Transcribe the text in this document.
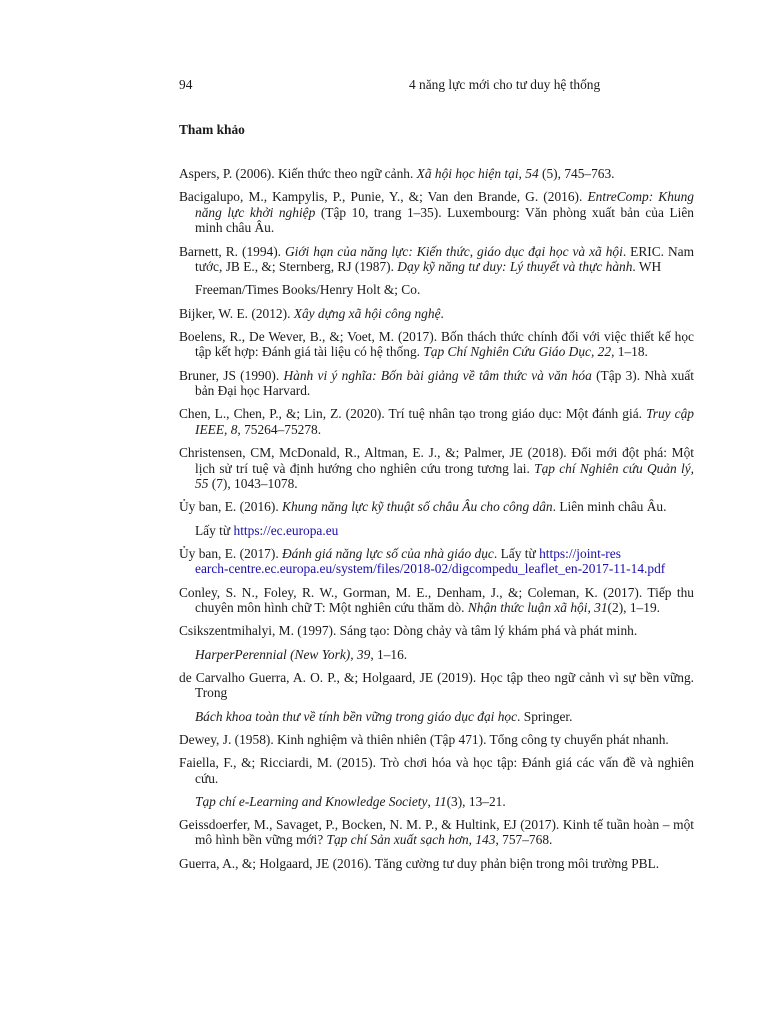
94	4 năng lực mới cho tư duy hệ thống
Tham khảo

Aspers, P. (2006). Kiến thức theo ngữ cảnh. Xã hội học hiện tại, 54 (5), 745–763.

Bacigalupo, M., Kampylis, P., Punie, Y., &; Van den Brande, G. (2016). EntreComp: Khung năng lực khởi nghiệp (Tập 10, trang 1–35). Luxembourg: Văn phòng xuất bản của Liên minh châu Âu.

Barnett, R. (1994). Giới hạn của năng lực: Kiến thức, giáo dục đại học và xã hội. ERIC. Nam tước, JB E., &; Sternberg, RJ (1987). Dạy kỹ năng tư duy: Lý thuyết và thực hành. WH

Freeman/Times Books/Henry Holt &; Co.

Bijker, W. E. (2012). Xây dựng xã hội công nghệ.

Boelens, R., De Wever, B., &; Voet, M. (2017). Bốn thách thức chính đối với việc thiết kế học tập kết hợp: Đánh giá tài liệu có hệ thống. Tạp Chí Nghiên Cứu Giáo Dục, 22, 1–18.

Bruner, JS (1990). Hành vi ý nghĩa: Bốn bài giảng về tâm thức và văn hóa (Tập 3). Nhà xuất bản Đại học Harvard.

Chen, L., Chen, P., &; Lin, Z. (2020). Trí tuệ nhân tạo trong giáo dục: Một đánh giá. Truy cập IEEE, 8, 75264–75278.

Christensen, CM, McDonald, R., Altman, E. J., &; Palmer, JE (2018). Đổi mới đột phá: Một lịch sử trí tuệ và định hướng cho nghiên cứu trong tương lai. Tạp chí Nghiên cứu Quản lý, 55 (7), 1043–1078.

Ủy ban, E. (2016). Khung năng lực kỹ thuật số châu Âu cho công dân. Liên minh châu Âu.

Lấy từ https://ec.europa.eu

Ủy ban, E. (2017). Đánh giá năng lực số của nhà giáo dục. Lấy từ https://joint-res
earch-centre.ec.europa.eu/system/files/2018-02/digcompedu_leaflet_en-2017-11-14.pdf

Conley, S. N., Foley, R. W., Gorman, M. E., Denham, J., &; Coleman, K. (2017). Tiếp thu chuyên môn hình chữ T: Một nghiên cứu thăm dò. Nhận thức luận xã hội, 31(2), 1–19.

Csikszentmihalyi, M. (1997). Sáng tạo: Dòng chảy và tâm lý khám phá và phát minh.

HarperPerennial (New York), 39, 1–16.

de Carvalho Guerra, A. O. P., &; Holgaard, JE (2019). Học tập theo ngữ cảnh vì sự bền vững. Trong

Bách khoa toàn thư về tính bền vững trong giáo dục đại học. Springer.

Dewey, J. (1958). Kinh nghiệm và thiên nhiên (Tập 471). Tổng công ty chuyển phát nhanh.

Faiella, F., &; Ricciardi, M. (2015). Trò chơi hóa và học tập: Đánh giá các vấn đề và nghiên cứu.

Tạp chí e-Learning and Knowledge Society, 11(3), 13–21.

Geissdoerfer, M., Savaget, P., Bocken, N. M. P., & Hultink, EJ (2017). Kinh tế tuần hoàn – một mô hình bền vững mới? Tạp chí Sản xuất sạch hơn, 143, 757–768.

Guerra, A., &; Holgaard, JE (2016). Tăng cường tư duy phản biện trong môi trường PBL.
